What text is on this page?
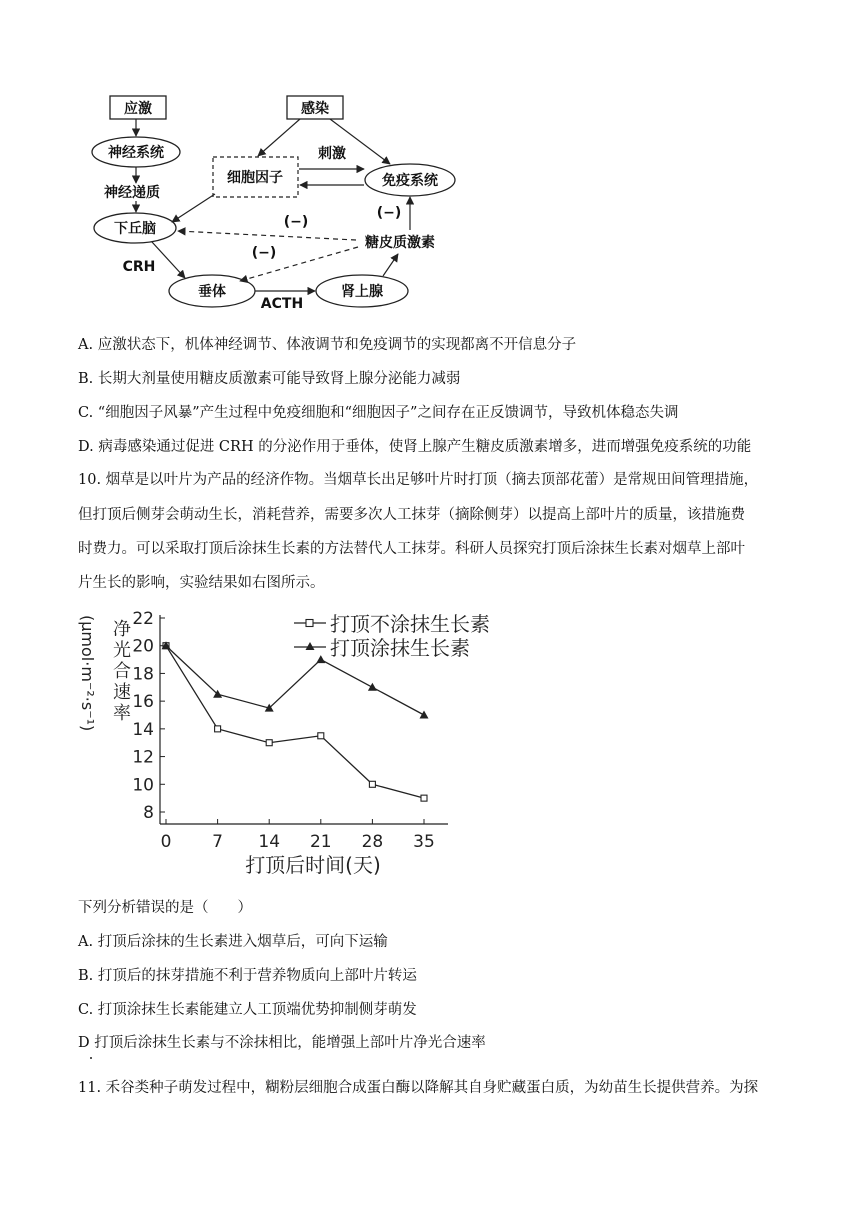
应激	感染
细胞因子
神经系统
免疫系统
下丘脑
垂体	肾上腺
糖皮质激素
神经递质
刺激
(−)
(−)
(−)
CRH
ACTH
A. 应激状态下，机体神经调节、体液调节和免疫调节的实现都离不开信息分子
B. 长期大剂量使用糖皮质激素可能导致肾上腺分泌能力减弱
C. “细胞因子风暴”产生过程中免疫细胞和“细胞因子”之间存在正反馈调节，导致机体稳态失调
D. 病毒感染通过促进 CRH 的分泌作用于垂体，使肾上腺产生糖皮质激素增多，进而增强免疫系统的功能
10. 烟草是以叶片为产品的经济作物。当烟草长出足够叶片时打顶（摘去顶部花蕾）是常规田间管理措施，
但打顶后侧芽会萌动生长，消耗营养，需要多次人工抹芽（摘除侧芽）以提高上部叶片的质量，该措施费
时费力。可以采取打顶后涂抹生长素的方法替代人工抹芽。科研人员探究打顶后涂抹生长素对烟草上部叶
片生长的影响，实验结果如右图所示。
8
10
12
14
16
18
20
22
0 7 14 21 28 35
打顶不涂抹生长素
打顶涂抹生长素
净光合速率
(μmol·m⁻²·s⁻¹)
打顶后时间(天)
下列分析错误的是（　　）
A. 打顶后涂抹的生长素进入烟草后，可向下运输
B. 打顶后的抹芽措施不利于营养物质向上部叶片转运
C. 打顶涂抹生长素能建立人工顶端优势抑制侧芽萌发
D 打顶后涂抹生长素与不涂抹相比，能增强上部叶片净光合速率
11. 禾谷类种子萌发过程中，糊粉层细胞合成蛋白酶以降解其自身贮藏蛋白质，为幼苗生长提供营养。为探
